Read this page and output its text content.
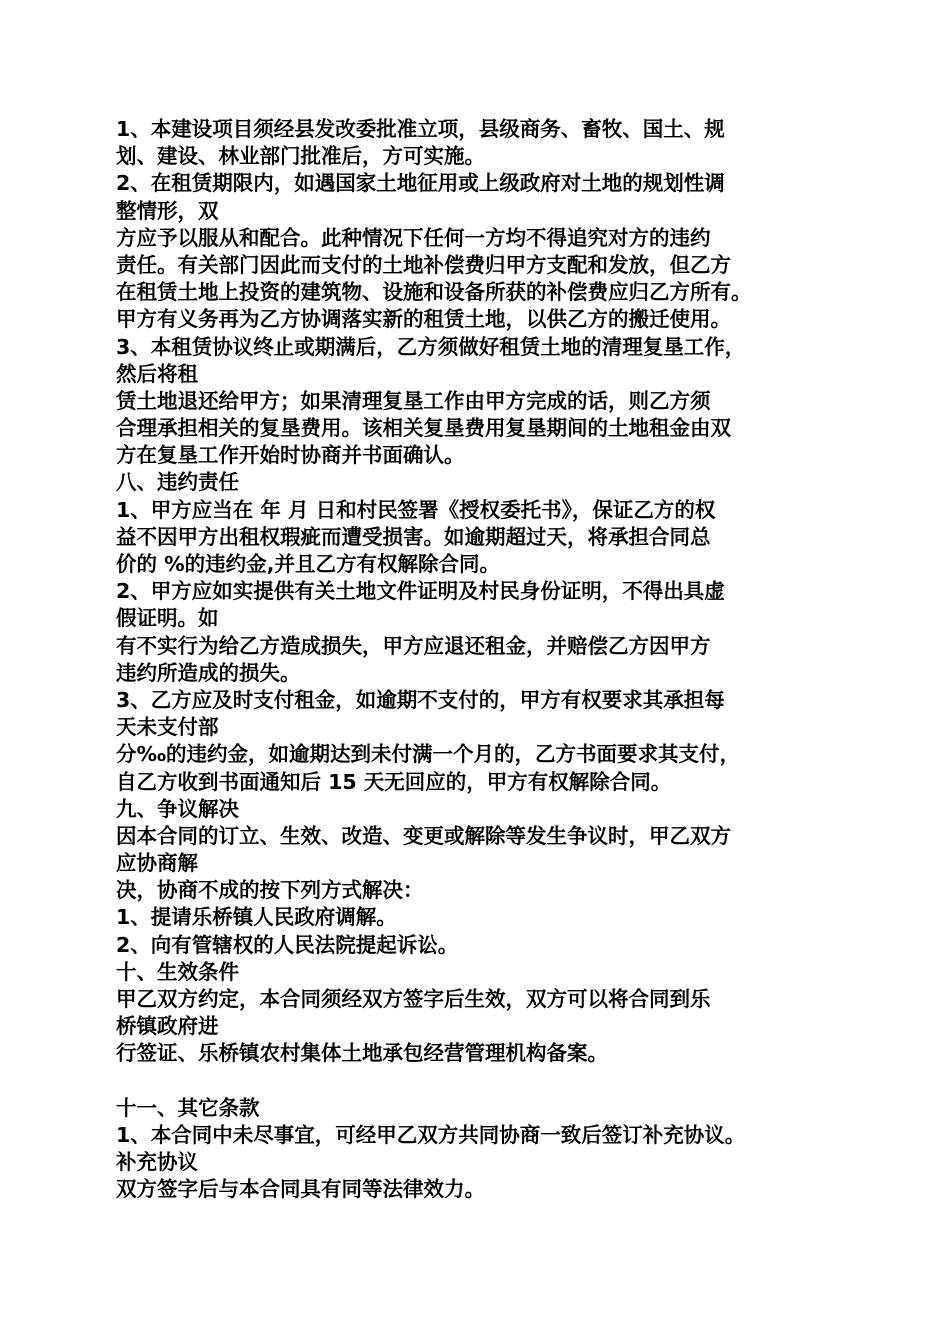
1、本建设项目须经县发改委批准立项，县级商务、畜牧、国土、规
划、建设、林业部门批准后，方可实施。
2、在租赁期限内，如遇国家土地征用或上级政府对土地的规划性调
整情形，双
方应予以服从和配合。此种情况下任何一方均不得追究对方的违约
责任。有关部门因此而支付的土地补偿费归甲方支配和发放，但乙方
在租赁土地上投资的建筑物、设施和设备所获的补偿费应归乙方所有。
甲方有义务再为乙方协调落实新的租赁土地，以供乙方的搬迁使用。
3、本租赁协议终止或期满后，乙方须做好租赁土地的清理复垦工作，
然后将租
赁土地退还给甲方；如果清理复垦工作由甲方完成的话，则乙方须
合理承担相关的复垦费用。该相关复垦费用复垦期间的土地租金由双
方在复垦工作开始时协商并书面确认。
八、违约责任
1、甲方应当在 年 月 日和村民签署《授权委托书》，保证乙方的权
益不因甲方出租权瑕疵而遭受损害。如逾期超过天，将承担合同总
价的 %的违约金,并且乙方有权解除合同。
2、甲方应如实提供有关土地文件证明及村民身份证明，不得出具虚
假证明。如
有不实行为给乙方造成损失，甲方应退还租金，并赔偿乙方因甲方
违约所造成的损失。
3、乙方应及时支付租金，如逾期不支付的，甲方有权要求其承担每
天未支付部
分‰的违约金，如逾期达到未付满一个月的，乙方书面要求其支付，
自乙方收到书面通知后 15 天无回应的，甲方有权解除合同。
九、争议解决
因本合同的订立、生效、改造、变更或解除等发生争议时，甲乙双方
应协商解
决，协商不成的按下列方式解决：
1、提请乐桥镇人民政府调解。
2、向有管辖权的人民法院提起诉讼。
十、生效条件
甲乙双方约定，本合同须经双方签字后生效，双方可以将合同到乐
桥镇政府进
行签证、乐桥镇农村集体土地承包经营管理机构备案。
十一、其它条款
1、本合同中未尽事宜，可经甲乙双方共同协商一致后签订补充协议。
补充协议
双方签字后与本合同具有同等法律效力。
